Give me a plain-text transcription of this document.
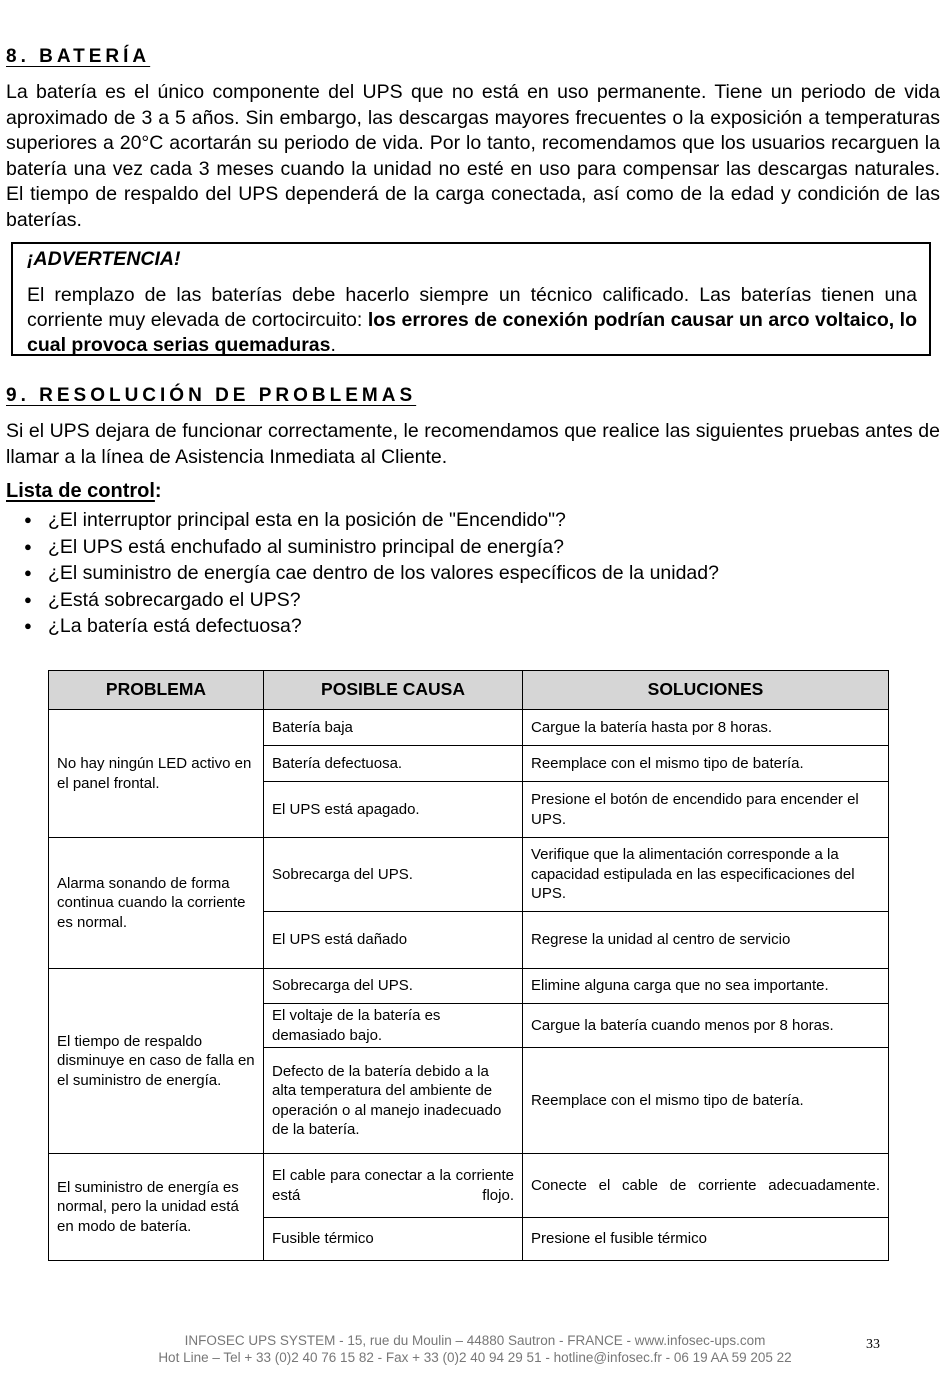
8. BATERÍA

La batería es el único componente del UPS que no está en uso permanente. Tiene un periodo de vida aproximado de 3 a 5 años. Sin embargo, las descargas mayores frecuentes o la exposición a temperaturas superiores a 20°C acortarán su periodo de vida. Por lo tanto, recomendamos que los usuarios recarguen la batería una vez cada 3 meses cuando la unidad no esté en uso para compensar las descargas naturales. El tiempo de respaldo del UPS dependerá de la carga conectada, así como de la edad y condición de las baterías.

¡ADVERTENCIA!

El remplazo de las baterías debe hacerlo siempre un técnico calificado. Las baterías tienen una corriente muy elevada de cortocircuito: los errores de conexión podrían causar un arco voltaico, lo cual provoca serias quemaduras.

9. RESOLUCIÓN DE PROBLEMAS

Si el UPS dejara de funcionar correctamente, le recomendamos que realice las siguientes pruebas antes de llamar a la línea de Asistencia Inmediata al Cliente.

Lista de control:
● ¿El interruptor principal esta en la posición de "Encendido"?
● ¿El UPS está enchufado al suministro principal de energía?
● ¿El suministro de energía cae dentro de los valores específicos de la unidad?
● ¿Está sobrecargado el UPS?
● ¿La batería está defectuosa?
PROBLEMA	POSIBLE CAUSA	SOLUCIONES
No hay ningún LED activo en el panel frontal.	Batería baja	Cargue la batería hasta por 8 horas.
	Batería defectuosa.	Reemplace con el mismo tipo de batería.
	El UPS está apagado.	Presione el botón de encendido para encender el UPS.
Alarma sonando de forma continua cuando la corriente es normal.	Sobrecarga del UPS.	Verifique que la alimentación corresponde a la capacidad estipulada en las especificaciones del UPS.
	El UPS está dañado	Regrese la unidad al centro de servicio
El tiempo de respaldo disminuye en caso de falla en el suministro de energía.	Sobrecarga del UPS.	Elimine alguna carga que no sea importante.
	El voltaje de la batería es demasiado bajo.	Cargue la batería cuando menos por 8 horas.
	Defecto de la batería debido a la alta temperatura del ambiente de operación o al manejo inadecuado de la batería.	Reemplace con el mismo tipo de batería.
El suministro de energía es normal, pero la unidad está en modo de batería.	El cable para conectar a la corriente está flojo.	Conecte el cable de corriente adecuadamente.
	Fusible térmico	Presione el fusible térmico
INFOSEC UPS SYSTEM - 15, rue du Moulin – 44880 Sautron - FRANCE - www.infosec-ups.com
Hot Line – Tel + 33 (0)2 40 76 15 82 - Fax + 33 (0)2 40 94 29 51 - hotline@infosec.fr - 06 19 AA 59 205 22
33
